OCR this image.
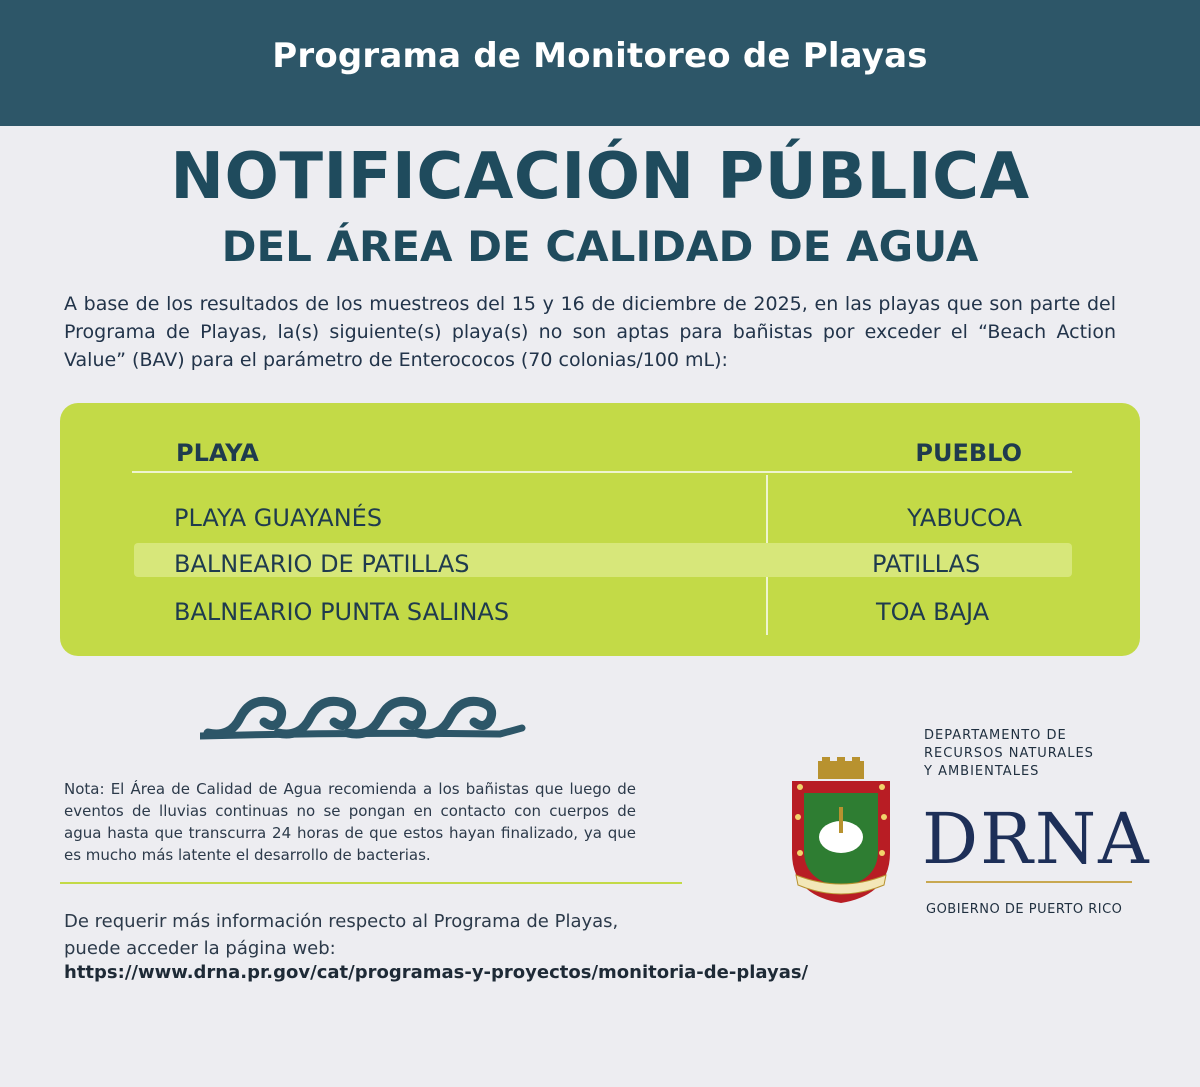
Programa de Monitoreo de Playas
NOTIFICACIÓN PÚBLICA
DEL ÁREA DE CALIDAD DE AGUA
A base de los resultados de los muestreos del 15 y 16 de diciembre de 2025, en las playas que son parte del Programa de Playas, la(s) siguiente(s) playa(s) no son aptas para bañistas por exceder el “Beach Action Value” (BAV) para el parámetro de Enterococos (70 colonias/100 mL):
PLAYA	PUEBLO
PLAYA GUAYANÉS	YABUCOA
BALNEARIO DE PATILLAS	PATILLAS
BALNEARIO PUNTA SALINAS	TOA BAJA
Nota: El Área de Calidad de Agua recomienda a los bañistas que luego de eventos de lluvias continuas no se pongan en contacto con cuerpos de agua hasta que transcurra 24 horas de que estos hayan finalizado, ya que es mucho más latente el desarrollo de bacterias.
De requerir más información respecto al Programa de Playas,
puede acceder la página web:
https://www.drna.pr.gov/cat/programas-y-proyectos/monitoria-de-playas/
DEPARTAMENTO DE
RECURSOS NATURALES
Y AMBIENTALES
DRNA
GOBIERNO DE PUERTO RICO
